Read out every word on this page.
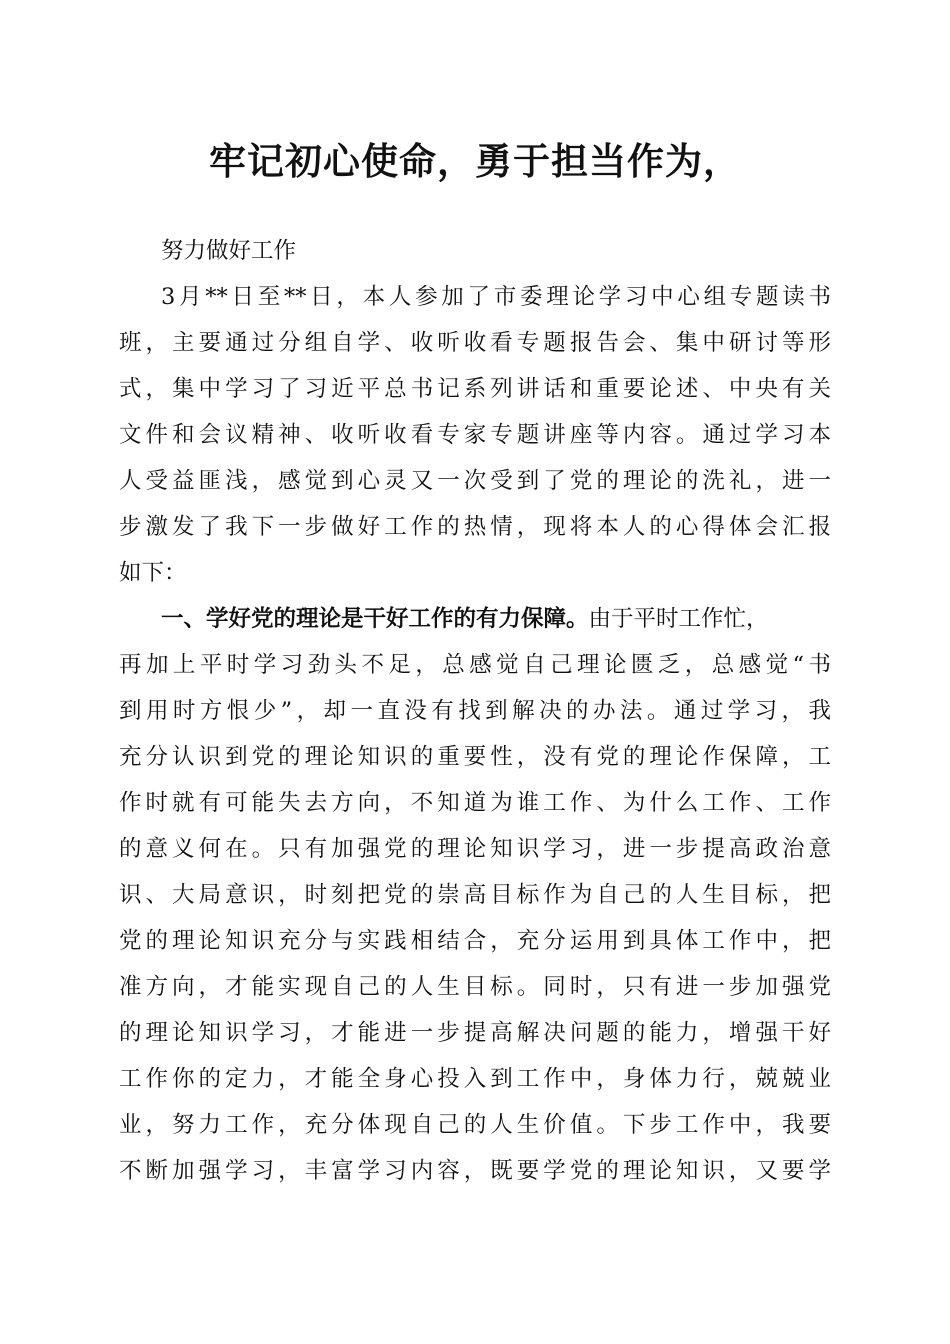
牢记初心使命，勇于担当作为，
努力做好工作
3月**日至**日，本人参加了市委理论学习中心组专题读书
班，主要通过分组自学、收听收看专题报告会、集中研讨等形
式，集中学习了习近平总书记系列讲话和重要论述、中央有关
文件和会议精神、收听收看专家专题讲座等内容。通过学习本
人受益匪浅，感觉到心灵又一次受到了党的理论的洗礼，进一
步激发了我下一步做好工作的热情，现将本人的心得体会汇报
如下：
一、学好党的理论是干好工作的有力保障。由于平时工作忙，
再加上平时学习劲头不足，总感觉自己理论匮乏，总感觉“书
到用时方恨少”，却一直没有找到解决的办法。通过学习，我
充分认识到党的理论知识的重要性，没有党的理论作保障，工
作时就有可能失去方向，不知道为谁工作、为什么工作、工作
的意义何在。只有加强党的理论知识学习，进一步提高政治意
识、大局意识，时刻把党的崇高目标作为自己的人生目标，把
党的理论知识充分与实践相结合，充分运用到具体工作中，把
准方向，才能实现自己的人生目标。同时，只有进一步加强党
的理论知识学习，才能进一步提高解决问题的能力，增强干好
工作你的定力，才能全身心投入到工作中，身体力行，兢兢业
业，努力工作，充分体现自己的人生价值。下步工作中，我要
不断加强学习，丰富学习内容，既要学党的理论知识，又要学
